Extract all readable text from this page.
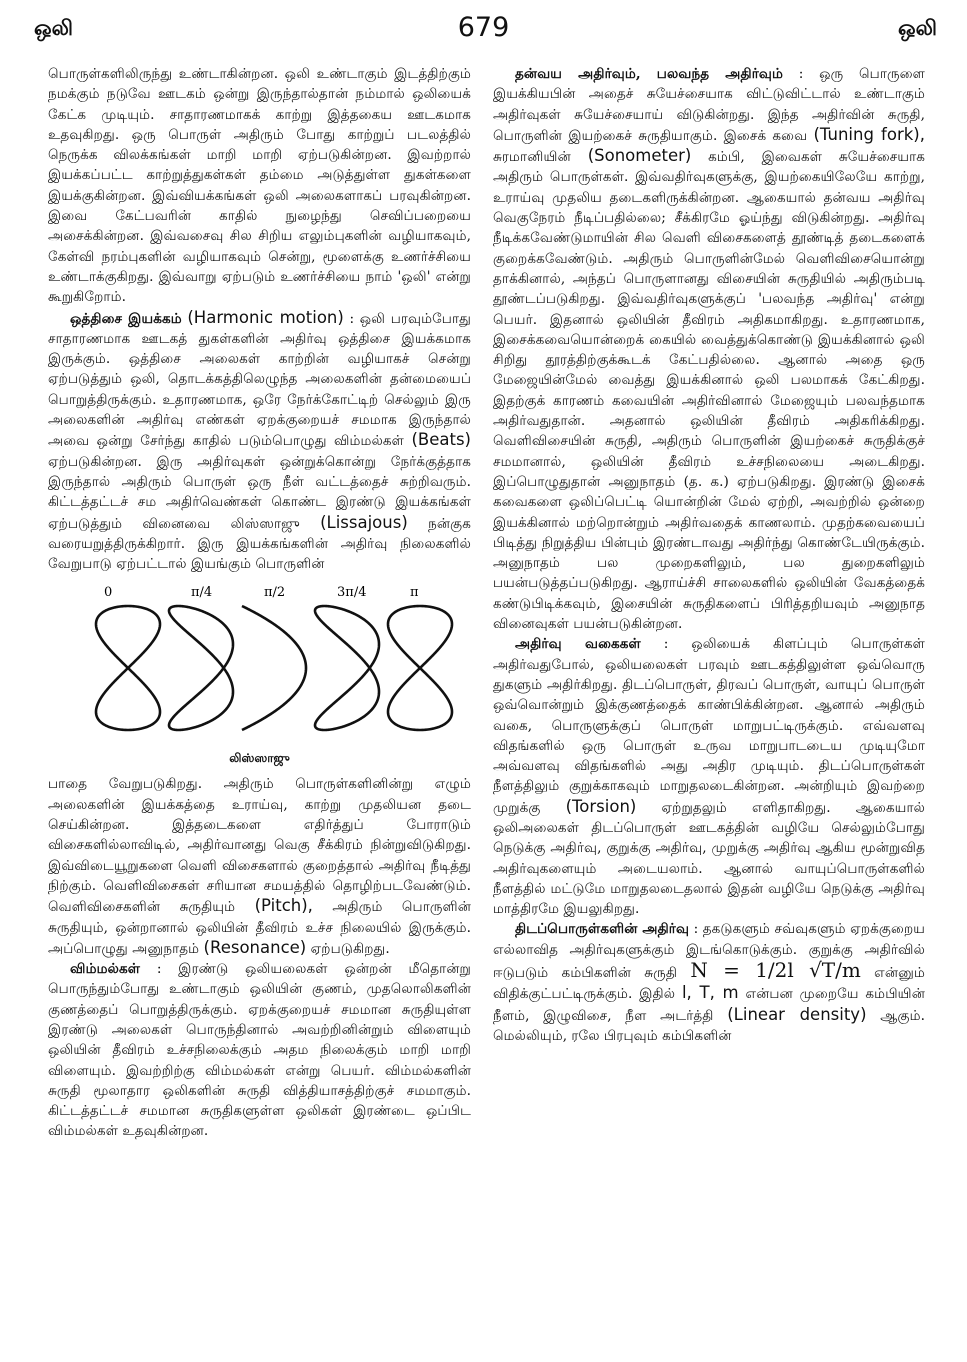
ஒலி	679	ஒலி

பொருள்களிலிருந்து உண்டாகின்றன. ஒலி உண்டாகும் இடத்திற்கும் நமக்கும் நடுவே ஊடகம் ஒன்று இருந்தால்தான் நம்மால் ஒலியைக் கேட்க முடியும். சாதாரணமாகக் காற்று இத்தகைய ஊடகமாக உதவுகிறது. ஒரு பொருள் அதிரும் போது காற்றுப் படலத்தில் நெருக்க விலக்கங்கள் மாறி மாறி ஏற்படுகின்றன. இவற்றால் இயக்கப்பட்ட காற்றுத்துகள்கள் தம்மை அடுத்துள்ள துகள்களை இயக்குகின்றன. இவ்வியக்கங்கள் ஒலி அலைகளாகப் பரவுகின்றன. இவை கேட்பவரின் காதில் நுழைந்து செவிப்பறையை அசைக்கின்றன. இவ்வசைவு சில சிறிய எலும்புகளின் வழியாகவும், கேள்வி நரம்புகளின் வழியாகவும் சென்று, மூளைக்கு உணர்ச்சியை உண்டாக்குகிறது. இவ்வாறு ஏற்படும் உணர்ச்சியை நாம் 'ஒலி' என்று கூறுகிறோம்.

ஒத்திசை இயக்கம் (Harmonic motion) : ஒலி பரவும்போது சாதாரணமாக ஊடகத் துகள்களின் அதிர்வு ஒத்திசை இயக்கமாக இருக்கும். ஒத்திசை அலைகள் காற்றின் வழியாகச் சென்று ஏற்படுத்தும் ஒலி, தொடக்கத்திலெழுந்த அலைகளின் தன்மையைப் பொறுத்திருக்கும். உதாரணமாக, ஒரே நேர்க்கோட்டிற் செல்லும் இரு அலைகளின் அதிர்வு எண்கள் ஏறக்குறையச் சமமாக இருந்தால் அவை ஒன்று சேர்ந்து காதில் படும்பொழுது விம்மல்கள் (Beats) ஏற்படுகின்றன. இரு அதிர்வுகள் ஒன்றுக்கொன்று நேர்க்குத்தாக இருந்தால் அதிரும் பொருள் ஒரு நீள் வட்டத்தைச் சுற்றிவரும். கிட்டத்தட்டச் சம அதிர்வெண்கள் கொண்ட இரண்டு இயக்கங்கள் ஏற்படுத்தும் வினைவை லிஸ்ஸாஜு (Lissajous) நன்குக வரையறுத்திருக்கிறார். இரு இயக்கங்களின் அதிர்வு நிலைகளில் வேறுபாடு ஏற்பட்டால் இயங்கும் பொருளின்

0	π/4	π/2	3π/4	π
லிஸ்ஸாஜு

பாதை வேறுபடுகிறது. அதிரும் பொருள்களினின்று எழும் அலைகளின் இயக்கத்தை உராய்வு, காற்று முதலியன தடை செய்கின்றன. இத்தடைகளை எதிர்த்துப் போராடும் விசைகளில்லாவிடில், அதிர்வானது வெகு சீக்கிரம் நின்றுவிடுகிறது. இவ்விடையூறுகளை வெளி விசைகளால் குறைத்தால் அதிர்வு நீடித்து நிற்கும். வெளிவிசைகள் சரியான சமயத்தில் தொழிற்படவேண்டும். வெளிவிசைகளின் சுருதியும் (Pitch), அதிரும் பொருளின் சுருதியும், ஒன்றானால் ஒலியின் தீவிரம் உச்ச நிலையில் இருக்கும். அப்பொழுது அனுநாதம் (Resonance) ஏற்படுகிறது.

விம்மல்கள் : இரண்டு ஒலியலைகள் ஒன்றன் மீதொன்று பொருந்தும்போது உண்டாகும் ஒலியின் குணம், முதலொலிகளின் குணத்தைப் பொறுத்திருக்கும். ஏறக்குறையச் சமமான சுருதியுள்ள இரண்டு அலைகள் பொருந்தினால் அவற்றினின்றும் விளையும் ஒலியின் தீவிரம் உச்சநிலைக்கும் அதம நிலைக்கும் மாறி மாறி விளையும். இவற்றிற்கு விம்மல்கள் என்று பெயர். விம்மல்களின் சுருதி மூலாதார ஒலிகளின் சுருதி வித்தியாசத்திற்குச் சமமாகும். கிட்டத்தட்டச் சமமான சுருதிகளுள்ள ஒலிகள் இரண்டை ஒப்பிட விம்மல்கள் உதவுகின்றன.

தன்வய அதிர்வும், பலவந்த அதிர்வும் : ஒரு பொருளை இயக்கியபின் அதைச் சுயேச்சையாக விட்டுவிட்டால் உண்டாகும் அதிர்வுகள் சுயேச்சையாய் விடுகின்றது. இந்த அதிர்வின் சுருதி, பொருளின் இயற்கைச் சுருதியாகும். இசைக் கவை (Tuning fork), சுரமானியின் (Sonometer) கம்பி, இவைகள் சுயேச்சையாக அதிரும் பொருள்கள். இவ்வதிர்வுகளுக்கு, இயற்கையிலேயே காற்று, உராய்வு முதலிய தடைகளிருக்கின்றன. ஆகையால் தன்வய அதிர்வு வெகுநேரம் நீடிப்பதில்லை; சீக்கிரமே ஓய்ந்து விடுகின்றது. அதிர்வு நீடிக்கவேண்டுமாயின் சில வெளி விசைகளைத் தூண்டித் தடைகளைக் குறைக்கவேண்டும். அதிரும் பொருளின்மேல் வெளிவிசையொன்று தாக்கினால், அந்தப் பொருளானது விசையின் சுருதியில் அதிரும்படி தூண்டப்படுகிறது. இவ்வதிர்வுகளுக்குப் 'பலவந்த அதிர்வு' என்று பெயர். இதனால் ஒலியின் தீவிரம் அதிகமாகிறது. உதாரணமாக, இசைக்கவையொன்றைக் கையில் வைத்துக்கொண்டு இயக்கினால் ஒலி சிறிது தூரத்திற்குக்கூடக் கேட்பதில்லை. ஆனால் அதை ஒரு மேஜையின்மேல் வைத்து இயக்கினால் ஒலி பலமாகக் கேட்கிறது. இதற்குக் காரணம் கவையின் அதிர்வினால் மேஜையும் பலவந்தமாக அதிர்வதுதான். அதனால் ஒலியின் தீவிரம் அதிகரிக்கிறது. வெளிவிசையின் சுருதி, அதிரும் பொருளின் இயற்கைச் சுருதிக்குச் சமமானால், ஒலியின் தீவிரம் உச்சநிலையை அடைகிறது. இப்பொழுதுதான் அனுநாதம் (த. க.) ஏற்படுகிறது. இரண்டு இசைக் கவைகளை ஒலிப்பெட்டி யொன்றின் மேல் ஏற்றி, அவற்றில் ஒன்றை இயக்கினால் மற்றொன்றும் அதிர்வதைக் காணலாம். முதற்கவையைப் பிடித்து நிறுத்திய பின்பும் இரண்டாவது அதிர்ந்து கொண்டேயிருக்கும். அனுநாதம் பல முறைகளிலும், பல துறைகளிலும் பயன்படுத்தப்படுகிறது. ஆராய்ச்சி சாலைகளில் ஒலியின் வேகத்தைக் கண்டுபிடிக்கவும், இசையின் சுருதிகளைப் பிரித்தறியவும் அனுநாத வினைவுகள் பயன்படுகின்றன.

அதிர்வு வகைகள் : ஒலியைக் கிளப்பும் பொருள்கள் அதிர்வதுபோல், ஒலியலைகள் பரவும் ஊடகத்திலுள்ள ஒவ்வொரு துகளும் அதிர்கிறது. திடப்பொருள், திரவப் பொருள், வாயுப் பொருள் ஒவ்வொன்றும் இக்குணத்தைக் காண்பிக்கின்றன. ஆனால் அதிரும் வகை, பொருளுக்குப் பொருள் மாறுபட்டிருக்கும். எவ்வளவு விதங்களில் ஒரு பொருள் உருவ மாறுபாடடைய முடியுமோ அவ்வளவு விதங்களில் அது அதிர முடியும். திடப்பொருள்கள் நீளத்திலும் குறுக்காகவும் மாறுதலடைகின்றன. அன்றியும் இவற்றை முறுக்கு (Torsion) ஏற்றுதலும் எளிதாகிறது. ஆகையால் ஒலிஅலைகள் திடப்பொருள் ஊடகத்தின் வழியே செல்லும்போது நெடுக்கு அதிர்வு, குறுக்கு அதிர்வு, முறுக்கு அதிர்வு ஆகிய மூன்றுவித அதிர்வுகளையும் அடையலாம். ஆனால் வாயுப்பொருள்களில் நீளத்தில் மட்டுமே மாறுதலடைதலால் இதன் வழியே நெடுக்கு அதிர்வு மாத்திரமே இயலுகிறது.

திடப்பொருள்களின் அதிர்வு : தகடுகளும் சவ்வுகளும் ஏறக்குறைய எல்லாவித அதிர்வுகளுக்கும் இடங்கொடுக்கும். குறுக்கு அதிர்வில் ஈடுபடும் கம்பிகளின் சுருதி N = 1/2l √T/m என்னும் விதிக்குட்பட்டிருக்கும். இதில் l, T, m என்பன முறையே கம்பியின் நீளம், இழுவிசை, நீள அடர்த்தி (Linear density) ஆகும். மெல்லியும், ரலே பிரபுவும் கம்பிகளின்
